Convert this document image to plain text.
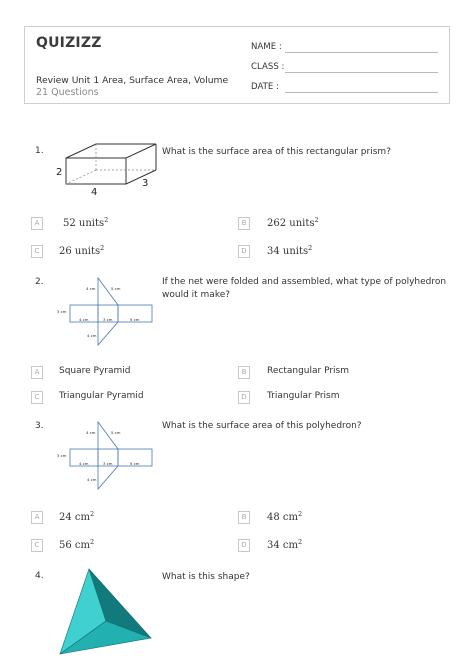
QUIZIZZ
Review Unit 1 Area, Surface Area, Volume
21 Questions
NAME :
CLASS :
DATE :
1.
2
4
3
What is the surface area of this rectangular prism?
A	52 units$^2$	B	262 units$^2$
C	26 units$^2$	D	34 units$^2$
2.
4 cm	5 cm
3 cm
4 cm	3 cm	5 cm
4 cm
If the net were folded and assembled, what type of polyhedron would it make?
A	Square Pyramid	B	Rectangular Prism
C	Triangular Pyramid	D	Triangular Prism
3.
4 cm	5 cm
3 cm
4 cm	3 cm	5 cm
4 cm
What is the surface area of this polyhedron?
A	24 $cm^2$	B	48 $cm^2$
C	56 $cm^2$	D	34 $cm^2$
4.	What is this shape?
